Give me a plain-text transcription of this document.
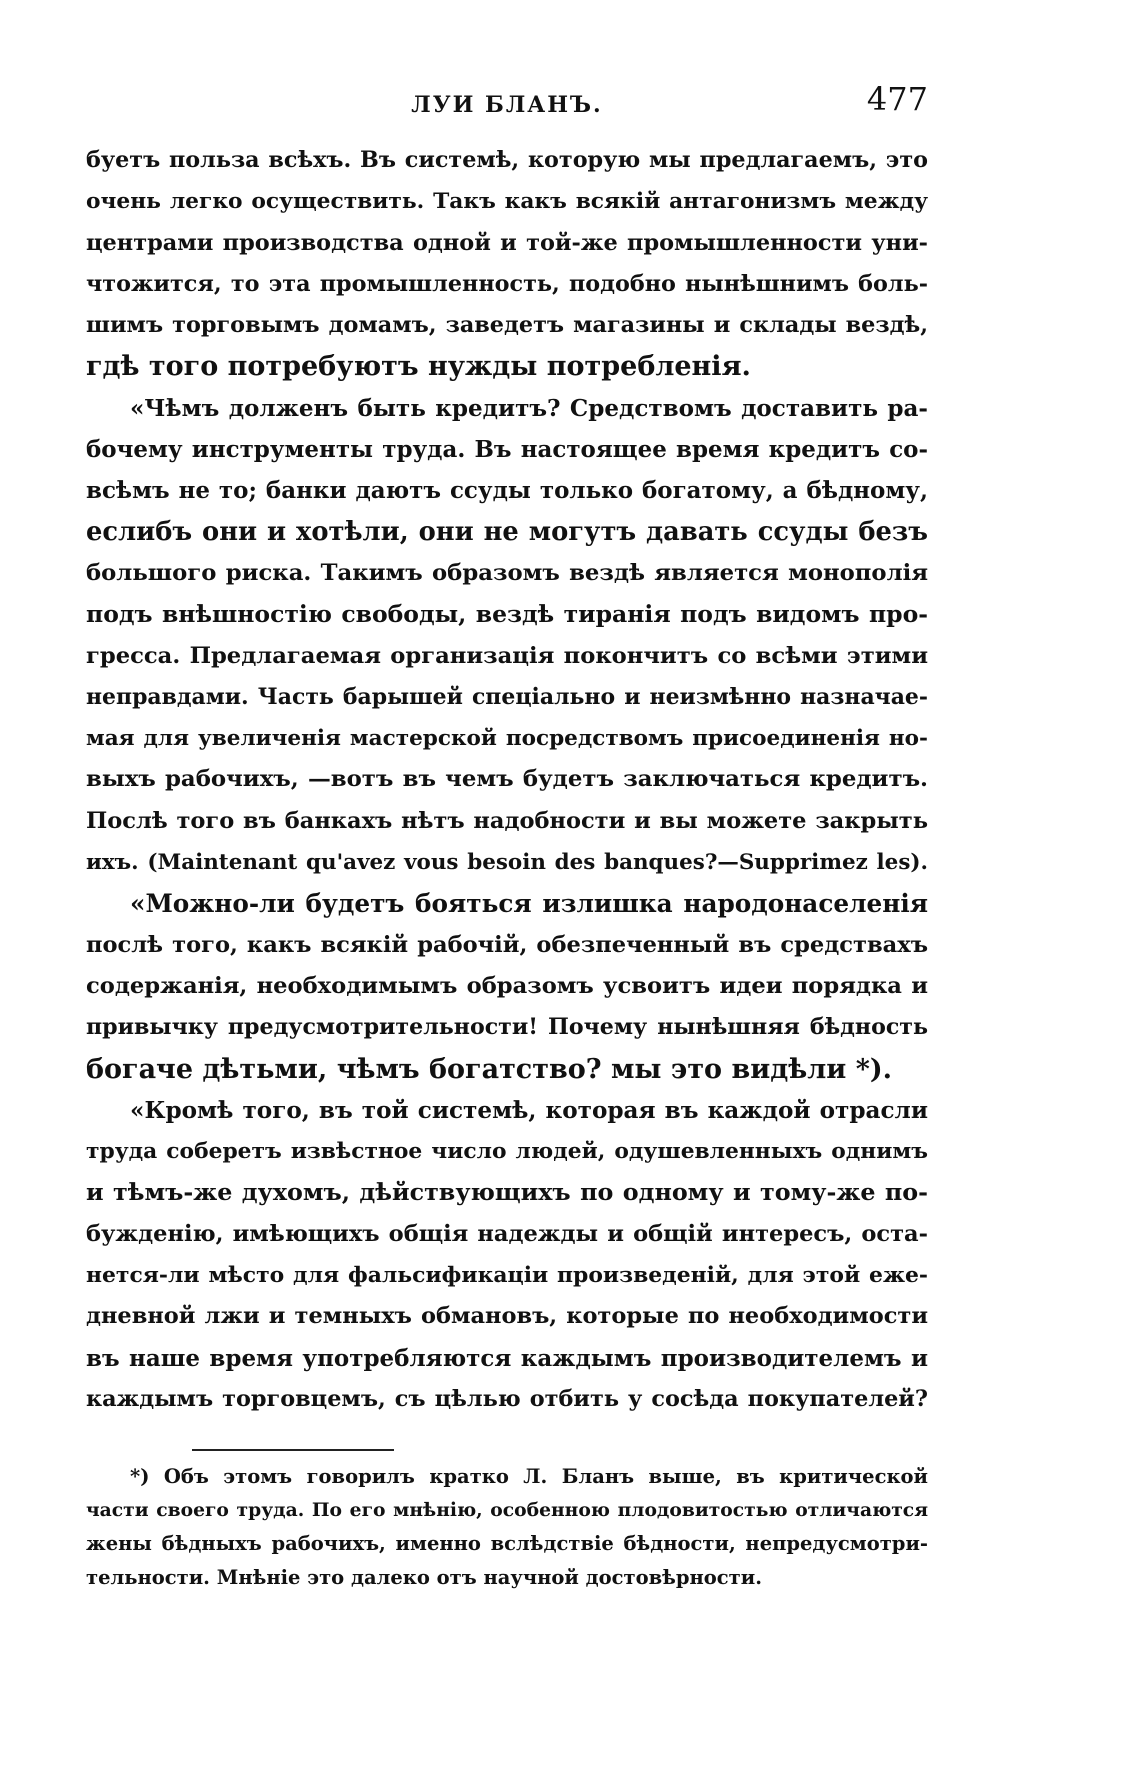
ЛУИ БЛАНЪ.	477
буетъ польза всѣхъ. Въ системѣ, которую мы предлагаемъ, это
очень легко осуществить. Такъ какъ всякій антагонизмъ между
центрами производства одной и той-же промышленности уни-
чтожится, то эта промышленность, подобно нынѣшнимъ боль-
шимъ торговымъ домамъ, заведетъ магазины и склады вездѣ,
гдѣ того потребуютъ нужды потребленія.
«Чѣмъ долженъ быть кредитъ? Средствомъ доставить ра-
бочему инструменты труда. Въ настоящее время кредитъ со-
всѣмъ не то; банки даютъ ссуды только богатому, а бѣдному,
еслибъ они и хотѣли, они не могутъ давать ссуды безъ
большого риска. Такимъ образомъ вездѣ является монополія
подъ внѣшностію свободы, вездѣ тиранія подъ видомъ про-
гресса. Предлагаемая организація покончитъ со всѣми этими
неправдами. Часть барышей спеціально и неизмѣнно назначае-
мая для увеличенія мастерской посредствомъ присоединенія но-
выхъ рабочихъ, —вотъ въ чемъ будетъ заключаться кредитъ.
Послѣ того въ банкахъ нѣтъ надобности и вы можете закрыть
ихъ. (Maintenant qu'avez vous besoin des banques?—Supprimez les).
«Можно-ли будетъ бояться излишка народонаселенія
послѣ того, какъ всякій рабочій, обезпеченный въ средствахъ
содержанія, необходимымъ образомъ усвоитъ идеи порядка и
привычку предусмотрительности! Почему нынѣшняя бѣдность
богаче дѣтьми, чѣмъ богатство? мы это видѣли *).
«Кромѣ того, въ той системѣ, которая въ каждой отрасли
труда соберетъ извѣстное число людей, одушевленныхъ однимъ
и тѣмъ-же духомъ, дѣйствующихъ по одному и тому-же по-
бужденію, имѣющихъ общія надежды и общій интересъ, оста-
нется-ли мѣсто для фальсификаціи произведеній, для этой еже-
дневной лжи и темныхъ обмановъ, которые по необходимости
въ наше время употребляются каждымъ производителемъ и
каждымъ торговцемъ, съ цѣлью отбить у сосѣда покупателей?
*) Объ этомъ говорилъ кратко Л. Бланъ выше, въ критической
части своего труда. По его мнѣнію, особенною плодовитостью отличаются
жены бѣдныхъ рабочихъ, именно вслѣдствіе бѣдности, непредусмотри-
тельности. Мнѣніе это далеко отъ научной достовѣрности.
